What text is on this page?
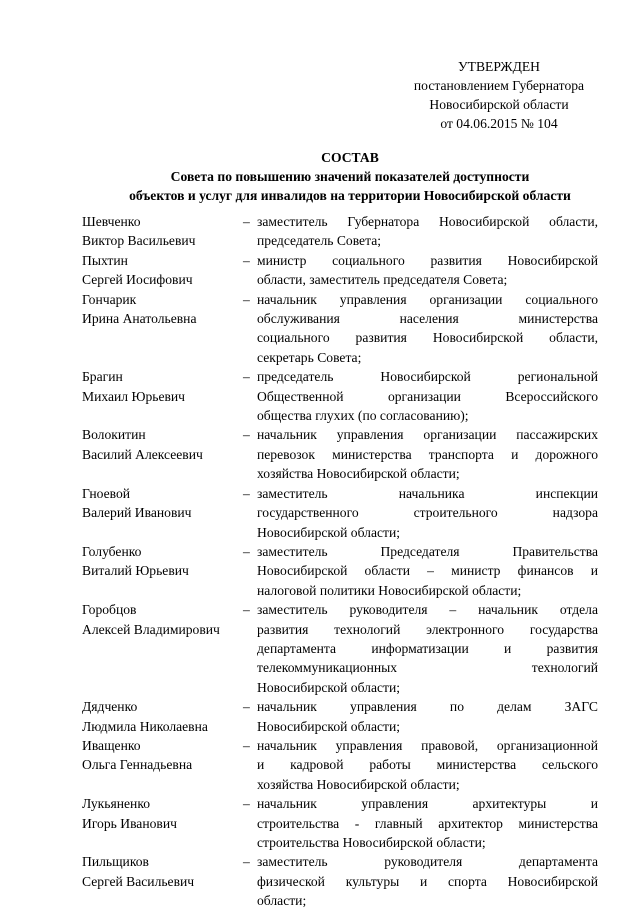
УТВЕРЖДЕН
постановлением Губернатора
Новосибирской области
от 04.06.2015 № 104
СОСТАВ
Совета по повышению значений показателей доступности
объектов и услуг для инвалидов на территории Новосибирской области
Шевченко
Виктор Васильевич
– заместитель Губернатора Новосибирской области,
председатель Совета;
Пыхтин
Сергей Иосифович
– министр социального развития Новосибирской
области, заместитель председателя Совета;
Гончарик
Ирина Анатольевна
– начальник управления организации социального
обслуживания населения министерства
социального развития Новосибирской области,
секретарь Совета;
Брагин
Михаил Юрьевич
– председатель Новосибирской региональной
Общественной организации Всероссийского
общества глухих (по согласованию);
Волокитин
Василий Алексеевич
– начальник управления организации пассажирских
перевозок министерства транспорта и дорожного
хозяйства Новосибирской области;
Гноевой
Валерий Иванович
– заместитель начальника инспекции
государственного строительного надзора
Новосибирской области;
Голубенко
Виталий Юрьевич
– заместитель Председателя Правительства
Новосибирской области – министр финансов и
налоговой политики Новосибирской области;
Горобцов
Алексей Владимирович
– заместитель руководителя – начальник отдела
развития технологий электронного государства
департамента информатизации и развития
телекоммуникационных технологий
Новосибирской области;
Дядченко
Людмила Николаевна
– начальник управления по делам ЗАГС
Новосибирской области;
Иващенко
Ольга Геннадьевна
– начальник управления правовой, организационной
и кадровой работы министерства сельского
хозяйства Новосибирской области;
Лукьяненко
Игорь Иванович
– начальник управления архитектуры и
строительства - главный архитектор министерства
строительства Новосибирской области;
Пильщиков
Сергей Васильевич
– заместитель руководителя департамента
физической культуры и спорта Новосибирской
области;
